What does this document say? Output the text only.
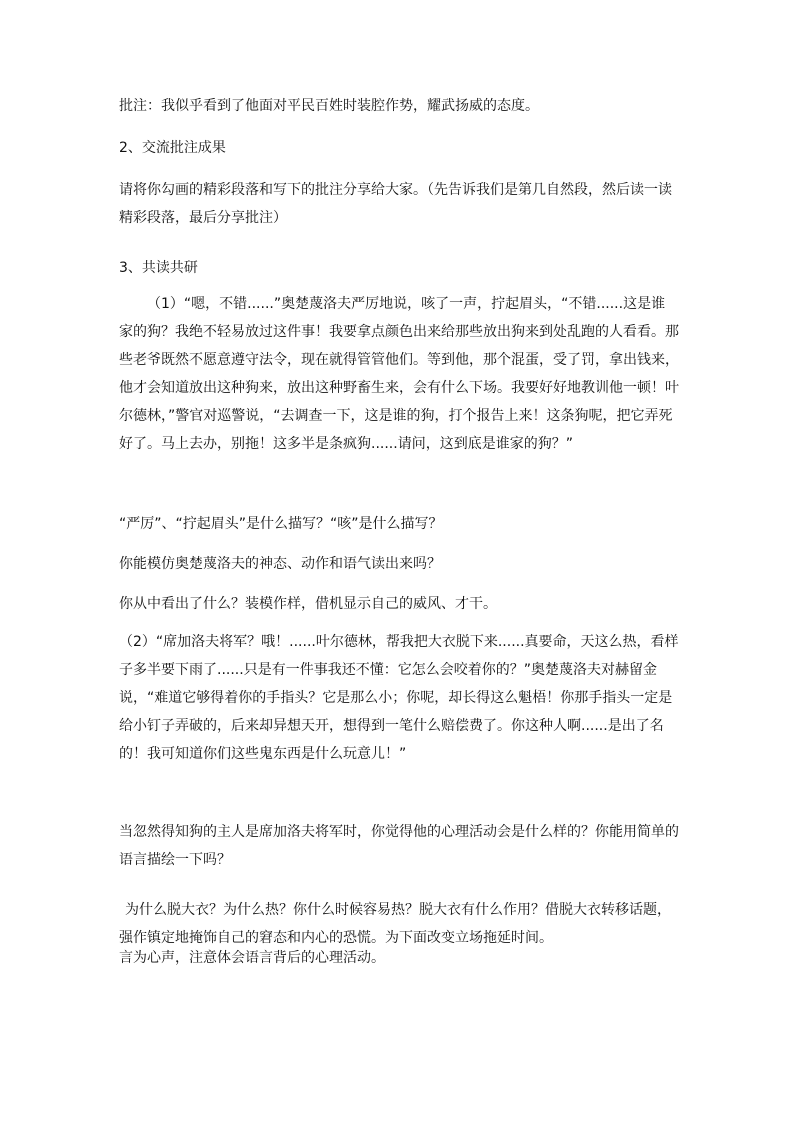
批注：我似乎看到了他面对平民百姓时装腔作势，耀武扬威的态度。

2、交流批注成果

请将你勾画的精彩段落和写下的批注分享给大家。（先告诉我们是第几自然段，然后读一读精彩段落，最后分享批注）

3、共读共研

（1）“嗯，不错......”奥楚蔑洛夫严厉地说，咳了一声，拧起眉头，“不错......这是谁家的狗？我绝不轻易放过这件事！我要拿点颜色出来给那些放出狗来到处乱跑的人看看。那些老爷既然不愿意遵守法令，现在就得管管他们。等到他，那个混蛋，受了罚，拿出钱来，他才会知道放出这种狗来，放出这种野畜生来，会有什么下场。我要好好地教训他一顿！叶尔德林，”警官对巡警说，“去调查一下，这是谁的狗，打个报告上来！这条狗呢，把它弄死好了。马上去办，别拖！这多半是条疯狗......请问，这到底是谁家的狗？”

“严厉”、“拧起眉头”是什么描写？“咳”是什么描写？

你能模仿奥楚蔑洛夫的神态、动作和语气读出来吗？

你从中看出了什么？装模作样，借机显示自己的威风、才干。

（2）“席加洛夫将军？哦！......叶尔德林，帮我把大衣脱下来......真要命，天这么热，看样子多半要下雨了......只是有一件事我还不懂：它怎么会咬着你的？”奥楚蔑洛夫对赫留金说，“难道它够得着你的手指头？它是那么小；你呢，却长得这么魁梧！你那手指头一定是给小钉子弄破的，后来却异想天开，想得到一笔什么赔偿费了。你这种人啊......是出了名的！我可知道你们这些鬼东西是什么玩意儿！”

当忽然得知狗的主人是席加洛夫将军时，你觉得他的心理活动会是什么样的？你能用简单的语言描绘一下吗？

为什么脱大衣？为什么热？你什么时候容易热？脱大衣有什么作用？借脱大衣转移话题，强作镇定地掩饰自己的窘态和内心的恐慌。为下面改变立场拖延时间。

言为心声，注意体会语言背后的心理活动。
